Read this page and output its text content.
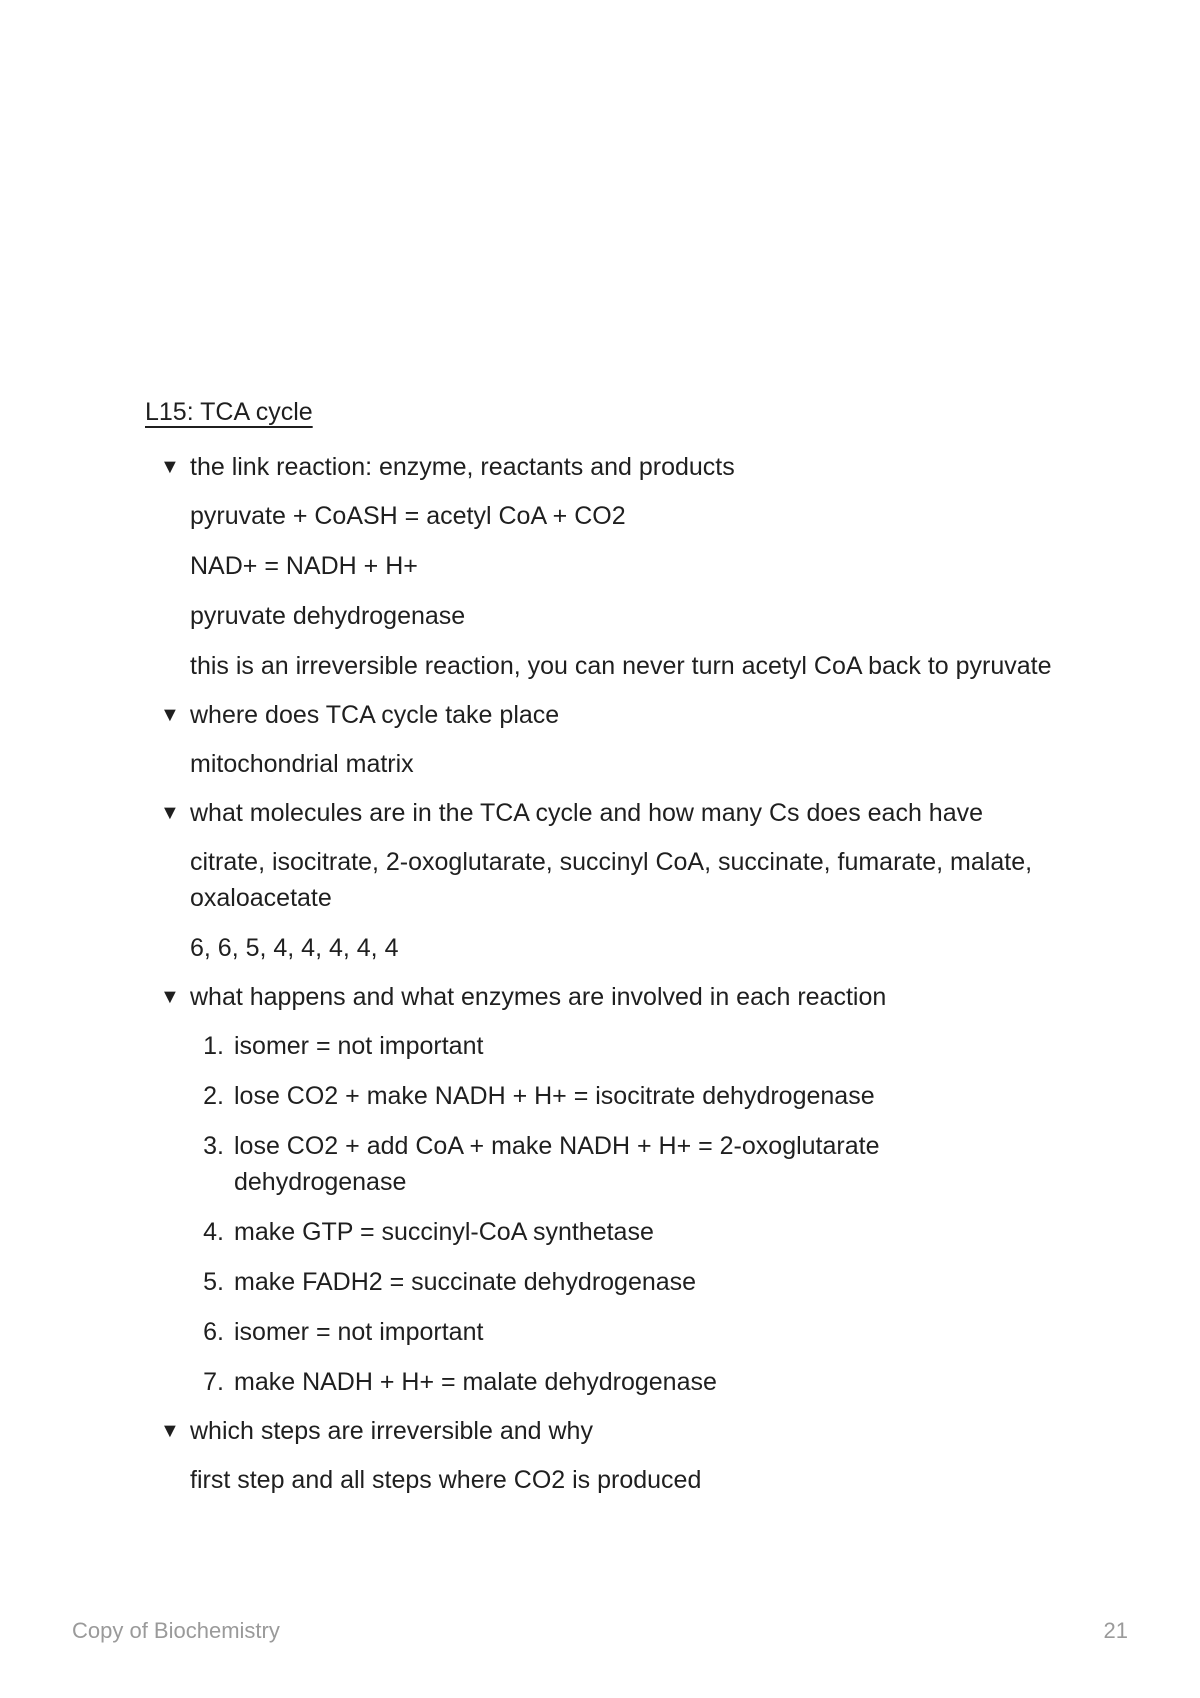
L15: TCA cycle
▼ the link reaction: enzyme, reactants and products

pyruvate + CoASH = acetyl CoA + CO2

NAD+ = NADH + H+

pyruvate dehydrogenase

this is an irreversible reaction, you can never turn acetyl CoA back to pyruvate

▼ where does TCA cycle take place

mitochondrial matrix

▼ what molecules are in the TCA cycle and how many Cs does each have

citrate, isocitrate, 2-oxoglutarate, succinyl CoA, succinate, fumarate, malate, oxaloacetate

6, 6, 5, 4, 4, 4, 4, 4

▼ what happens and what enzymes are involved in each reaction
1. isomer = not important
2. lose CO2 + make NADH + H+ = isocitrate dehydrogenase
3. lose CO2 + add CoA + make NADH + H+ = 2-oxoglutarate dehydrogenase
4. make GTP = succinyl-CoA synthetase
5. make FADH2 = succinate dehydrogenase
6. isomer = not important
7. make NADH + H+ = malate dehydrogenase
▼ which steps are irreversible and why

first step and all steps where CO2 is produced

Copy of Biochemistry	21
